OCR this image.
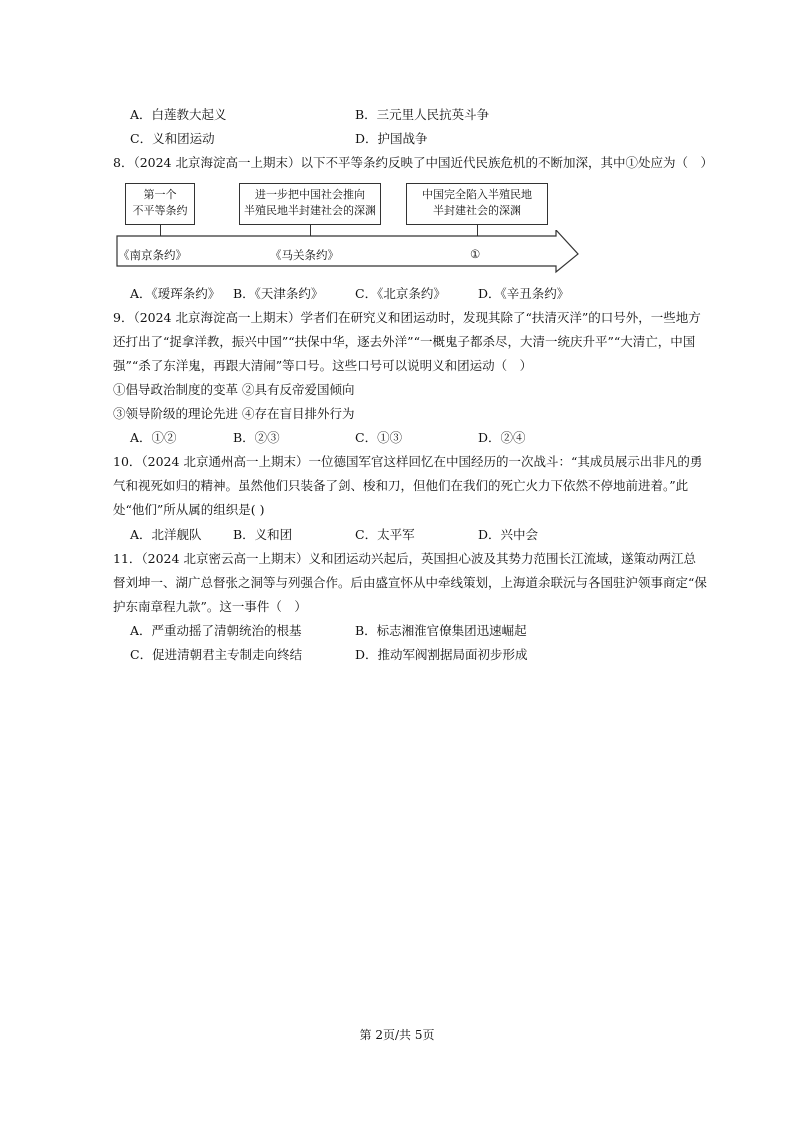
A．白莲教大起义	B．三元里人民抗英斗争
C．义和团运动	D．护国战争
8．（2024 北京海淀高一上期末）以下不平等条约反映了中国近代民族危机的不断加深，其中①处应为（　）
第一个
不平等条约
进一步把中国社会推向
半殖民地半封建社会的深渊
中国完全陷入半殖民地
半封建社会的深渊
《南京条约》	《马关条约》	①
A．《瑷珲条约》 B．《天津条约》	C．《北京条约》	D．《辛丑条约》
9．（2024 北京海淀高一上期末）学者们在研究义和团运动时，发现其除了“扶清灭洋”的口号外，一些地方
还打出了“捉拿洋教，振兴中国”“扶保中华，逐去外洋”“一概鬼子都杀尽，大清一统庆升平”“大清亡，中国
强”“杀了东洋鬼，再跟大清闹”等口号。这些口号可以说明义和团运动（　）
①倡导政治制度的变革 ②具有反帝爱国倾向
③领导阶级的理论先进 ④存在盲目排外行为
A．①②	B．②③	C．①③	D．②④
10．（2024 北京通州高一上期末）一位德国军官这样回忆在中国经历的一次战斗：“其成员展示出非凡的勇
气和视死如归的精神。虽然他们只装备了剑、梭和刀，但他们在我们的死亡火力下依然不停地前进着。”此
处“他们”所从属的组织是( )
A．北洋舰队	B．义和团	C．太平军	D．兴中会
11．（2024 北京密云高一上期末）义和团运动兴起后，英国担心波及其势力范围长江流域，遂策动两江总
督刘坤一、湖广总督张之洞等与列强合作。后由盛宣怀从中牵线策划，上海道余联沅与各国驻沪领事商定“保
护东南章程九款”。这一事件（　）
A．严重动摇了清朝统治的根基	B．标志湘淮官僚集团迅速崛起
C．促进清朝君主专制走向终结	D．推动军阀割据局面初步形成
第 2页/共 5页
